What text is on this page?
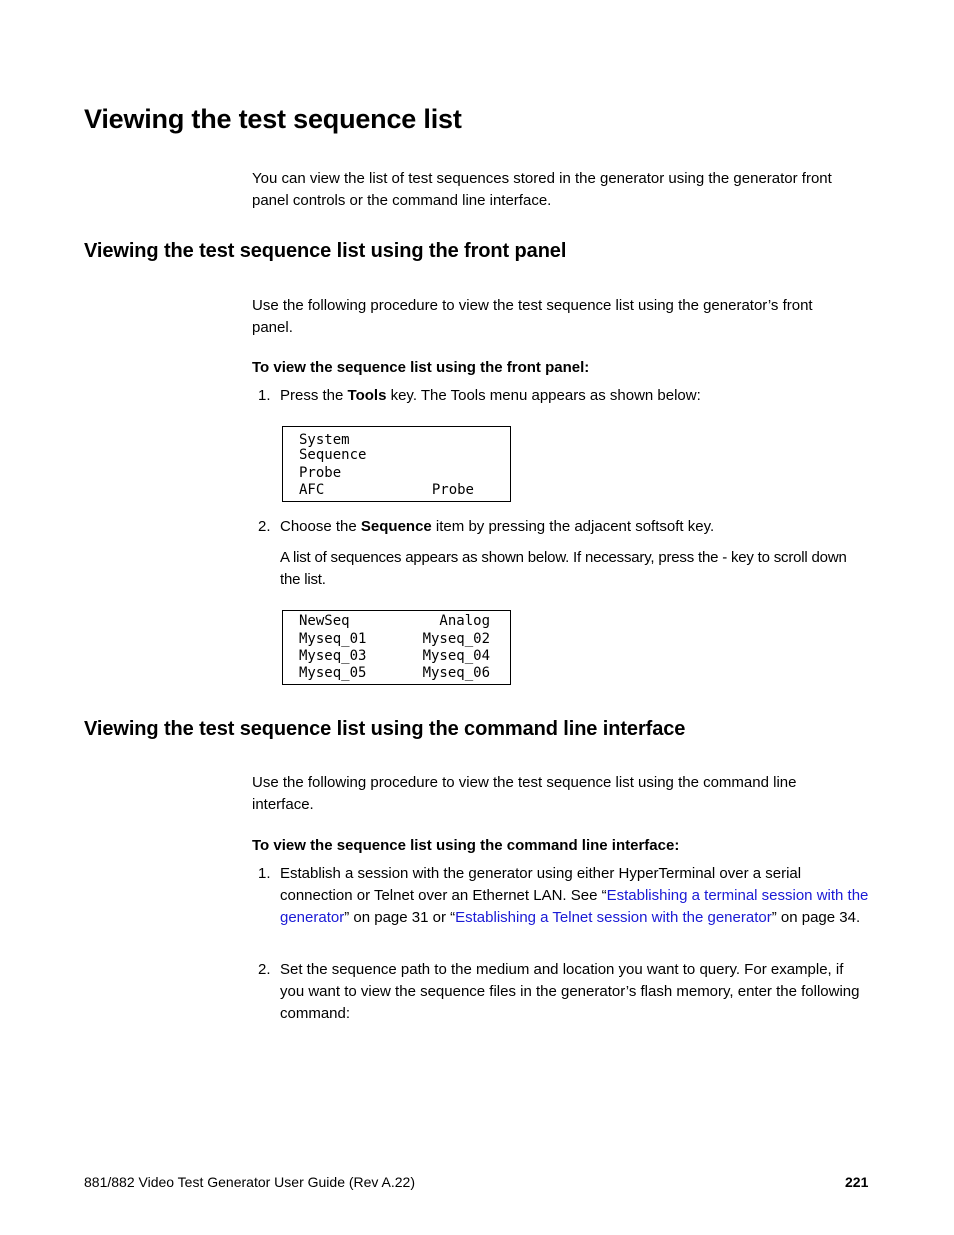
Viewing the test sequence list
You can view the list of test sequences stored in the generator using the generator front panel controls or the command line interface.
Viewing the test sequence list using the front panel
Use the following procedure to view the test sequence list using the generator’s front panel.
To view the sequence list using the front panel:
1. Press the Tools key. The Tools menu appears as shown below:
System
Sequence
Probe
AFC	Probe
2. Choose the Sequence item by pressing the adjacent softsoft key.
A list of sequences appears as shown below. If necessary, press the - key to scroll down the list.
NewSeq	Analog
Myseq_01	Myseq_02
Myseq_03	Myseq_04
Myseq_05	Myseq_06
Viewing the test sequence list using the command line interface
Use the following procedure to view the test sequence list using the command line interface.
To view the sequence list using the command line interface:
1. Establish a session with the generator using either HyperTerminal over a serial connection or Telnet over an Ethernet LAN. See “Establishing a terminal session with the generator” on page 31 or “Establishing a Telnet session with the generator” on page 34.
2. Set the sequence path to the medium and location you want to query. For example, if you want to view the sequence files in the generator’s flash memory, enter the following command:
881/882 Video Test Generator User Guide (Rev A.22)	221
